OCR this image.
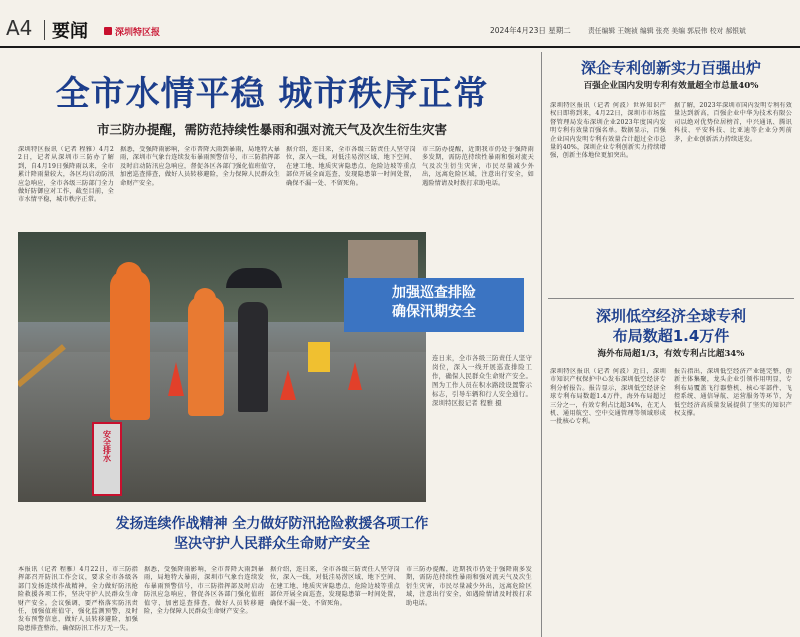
A4 要闻	深圳特区报	2024年4月23日 星期二	责任编辑 王婉祯 编辑 张亮 美编 郭辰伟 校对 郝银斌
全市水情平稳 城市秩序正常
市三防办提醒，需防范持续性暴雨和强对流天气及次生衍生灾害
深圳特区报讯（记者 程雅）4月22日，记者从深圳市三防办了解到，自4月19日强降雨以来，全市累计降雨量较大，各区均启动防汛应急响应，全市各级三防部门全力做好防御应对工作，截至目前，全市水情平稳，城市秩序正常。
据悉，受强降雨影响，全市普降大雨到暴雨，局地特大暴雨，深圳市气象台连续发布暴雨预警信号，市三防指挥部及时启动防汛应急响应，督促各区各部门强化值班值守，加密巡查排查，做好人员转移避险，全力保障人民群众生命财产安全。
据介绍，连日来，全市各级三防责任人坚守岗位，深入一线，对低洼易涝区域、地下空间、在建工地、地质灾害隐患点、危险边坡等重点部位开展全面巡查，发现隐患第一时间处置，确保不漏一处、不留死角。
市三防办提醒，近期我市仍处于强降雨多发期，需防范持续性暴雨和强对流天气及次生衍生灾害，市民尽量减少外出，远离危险区域，注意出行安全，如遇险情请及时拨打求助电话。
安全排水
加强巡查排险
确保汛期安全
连日来，全市各级三防责任人坚守岗位，深入一线开展巡查排险工作，确保人民群众生命财产安全。图为工作人员在积水路段设置警示标志，引导车辆和行人安全通行。 深圳特区报记者 程雅 摄
发扬连续作战精神 全力做好防汛抢险救援各项工作
坚决守护人民群众生命财产安全
本报讯（记者 程雅）4月22日，市三防指挥部召开防汛工作会议，要求全市各级各部门发扬连续作战精神，全力做好防汛抢险救援各项工作，坚决守护人民群众生命财产安全。会议强调，要严格落实防汛责任，加强值班值守，强化监测预警，及时发布预警信息，做好人员转移避险，加强隐患排查整治，确保防汛工作万无一失。
据悉，受强降雨影响，全市普降大雨到暴雨，局地特大暴雨，深圳市气象台连续发布暴雨预警信号，市三防指挥部及时启动防汛应急响应，督促各区各部门强化值班值守，加密巡查排查，做好人员转移避险，全力保障人民群众生命财产安全。
据介绍，连日来，全市各级三防责任人坚守岗位，深入一线，对低洼易涝区域、地下空间、在建工地、地质灾害隐患点、危险边坡等重点部位开展全面巡查，发现隐患第一时间处置，确保不漏一处、不留死角。
市三防办提醒，近期我市仍处于强降雨多发期，需防范持续性暴雨和强对流天气及次生衍生灾害，市民尽量减少外出，远离危险区域，注意出行安全，如遇险情请及时拨打求助电话。
深企专利创新实力百强出炉
百强企业国内发明专利有效量超全市总量40%
深圳特区报讯（记者 何波）世界知识产权日即将到来，4月22日，深圳市市场监督管理局发布深圳企业2023年度国内发明专利有效量百强名单。数据显示，百强企业国内发明专利有效量合计超过全市总量的40%，深圳企业专利创新实力持续增强，创新主体地位更加突出。
据了解，2023年深圳市国内发明专利有效量达到新高，百强企业中华为技术有限公司以绝对优势位居榜首，中兴通讯、腾讯科技、平安科技、比亚迪等企业分列前茅，企业创新活力持续迸发。
深圳低空经济全球专利
布局数超1.4万件
海外布局超1/3，有效专利占比超34%
深圳特区报讯（记者 何波）近日，深圳市知识产权保护中心发布深圳低空经济专利分析报告。报告显示，深圳低空经济全球专利布局数超1.4万件，海外布局超过三分之一，有效专利占比超34%，在无人机、通用航空、空中交通管理等领域形成一批核心专利。
报告指出，深圳低空经济产业链完整，创新主体集聚，龙头企业引领作用明显，专利布局覆盖飞行器整机、核心零部件、飞控系统、通信导航、运营服务等环节，为低空经济高质量发展提供了坚实的知识产权支撑。
